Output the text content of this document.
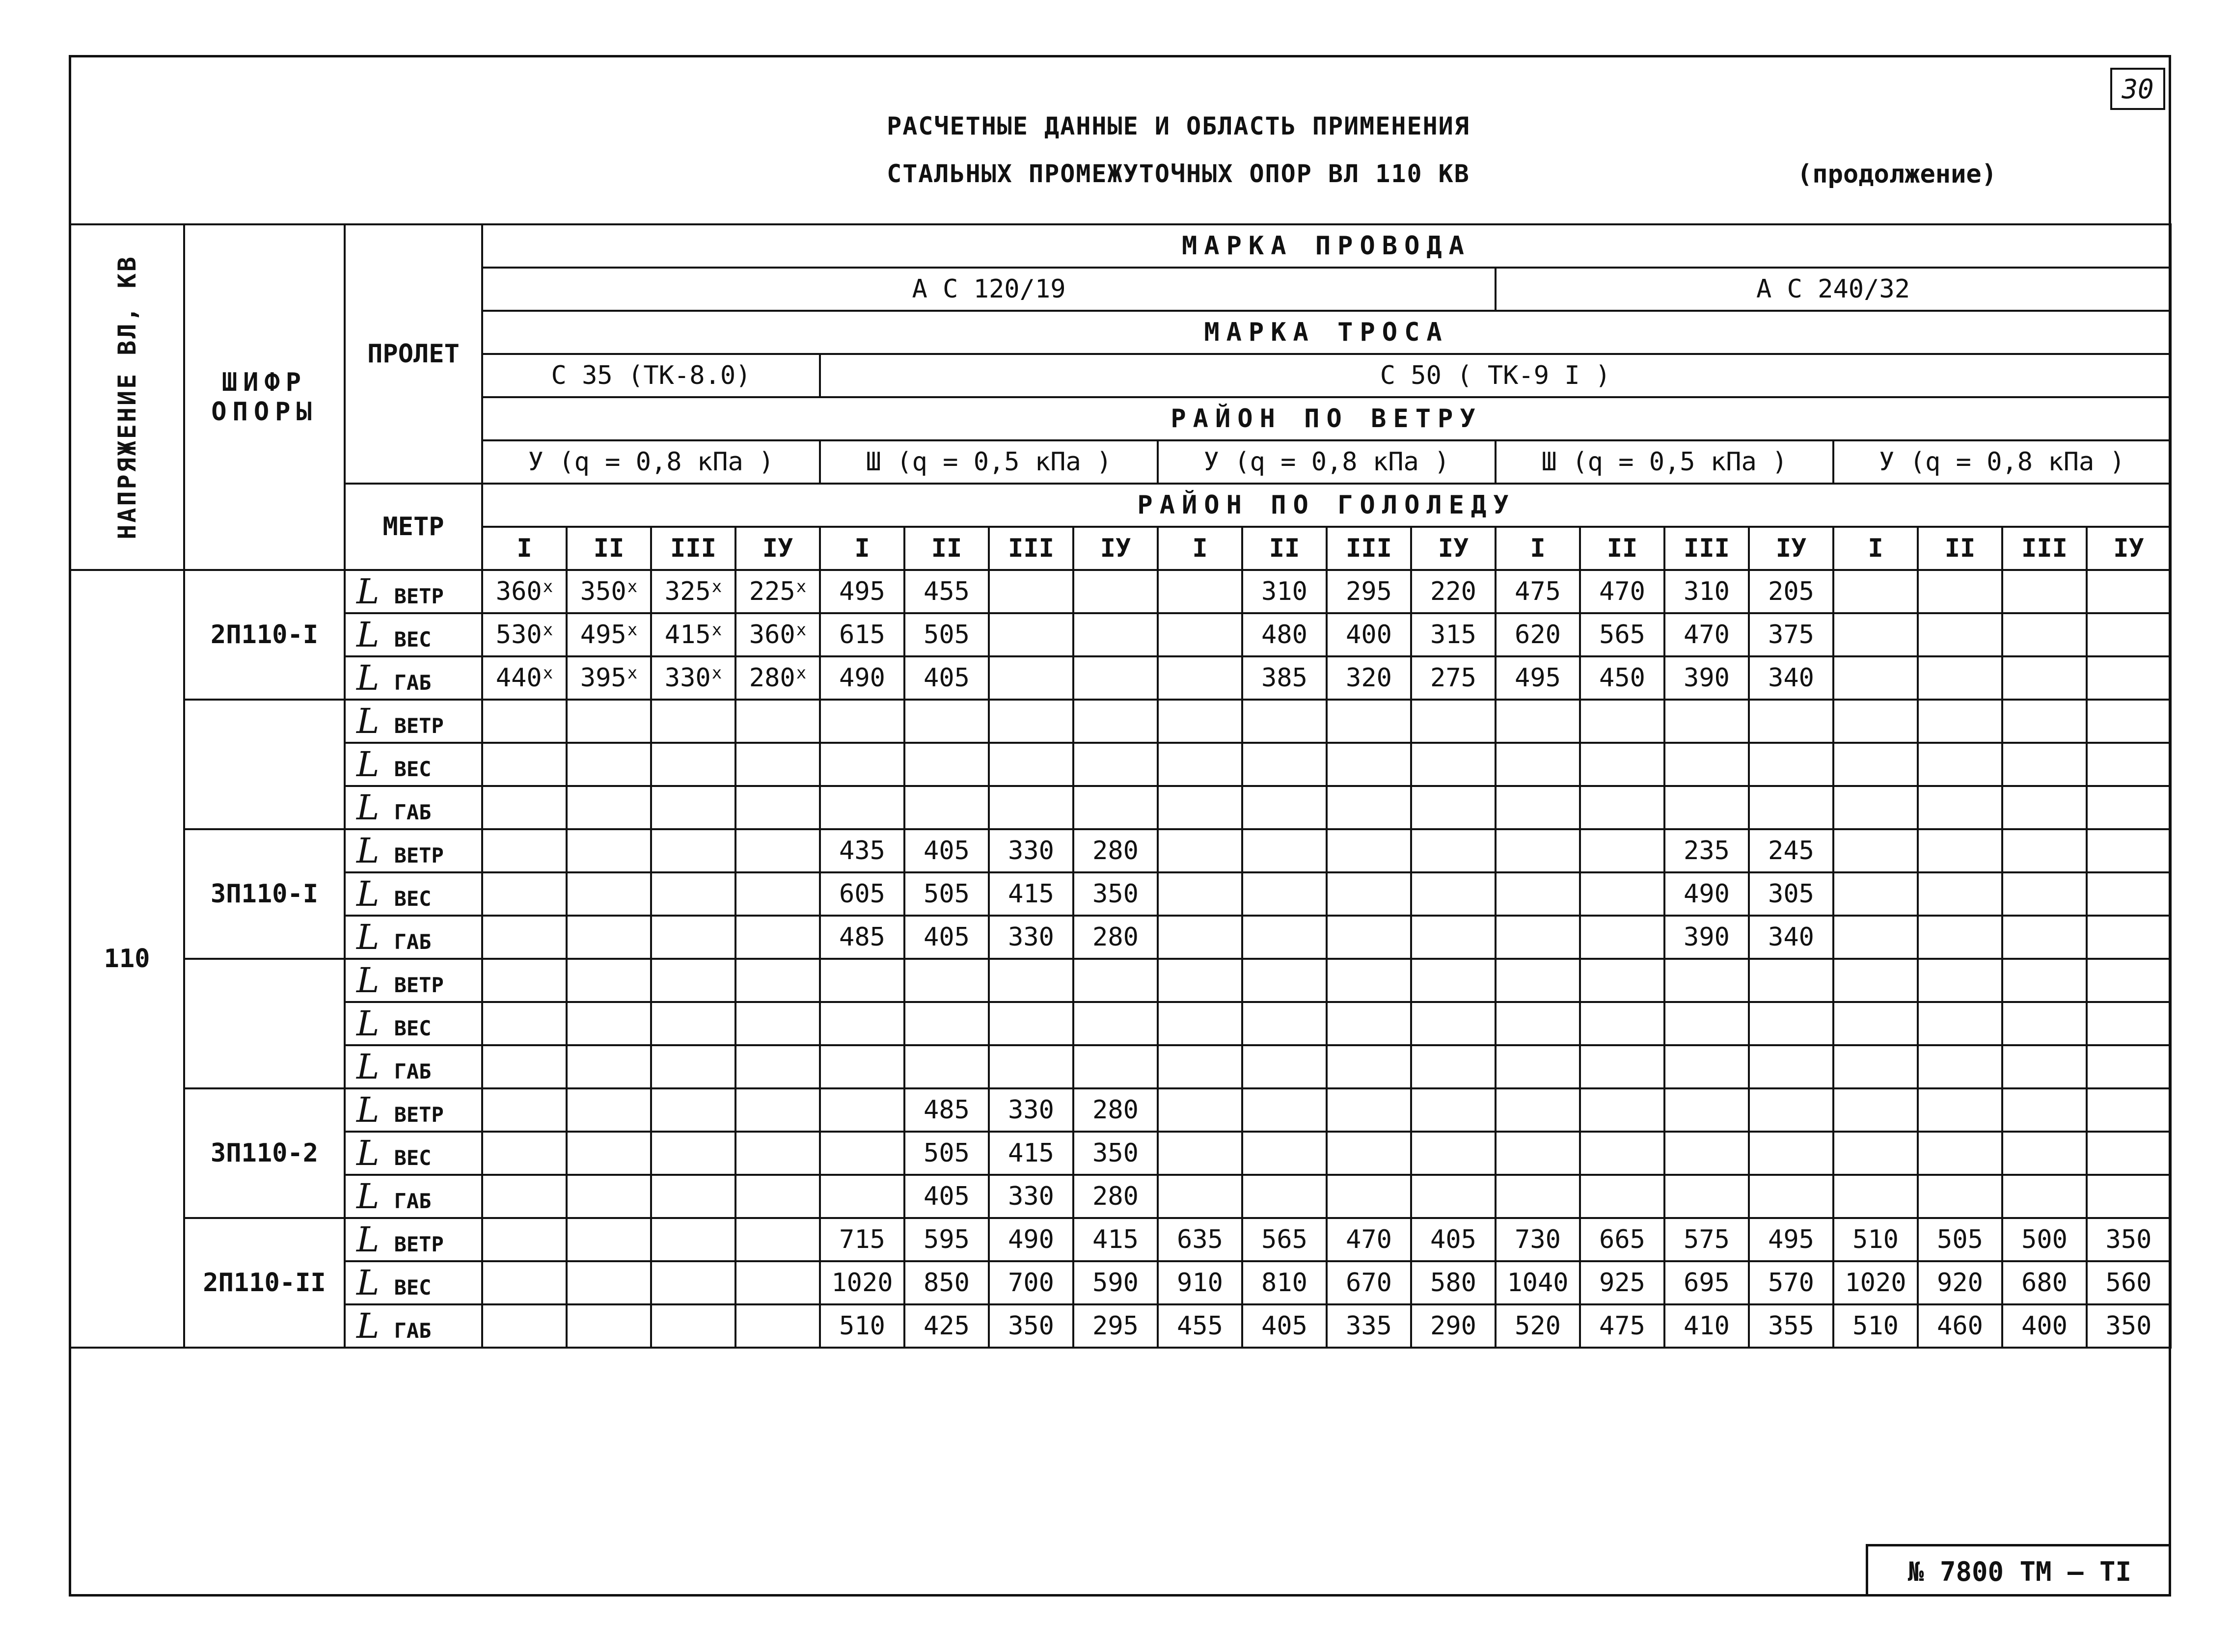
30
РАСЧЕТНЫЕ ДАННЫЕ И ОБЛАСТЬ ПРИМЕНЕНИЯ
СТАЛЬНЫХ ПРОМЕЖУТОЧНЫХ ОПОР ВЛ 110 КВ	(продолжение)
НАПРЯЖЕНИЕ ВЛ, КВ	ШИФР ОПОРЫ	ПРОЛЕТ	МАРКА ПРОВОДА																			
			А С 120/19												А С 240/32							
			МАРКА ТРОСА																			
			С 35 (ТК-8.0)				С 50 ( ТК-9 I )															
			РАЙОН ПО ВЕТРУ																			
			У (q = 0,8 кПа )				Ш (q = 0,5 кПа )				У (q = 0,8 кПа )				Ш (q = 0,5 кПа )				У (q = 0,8 кПа )			
		МЕТР	РАЙОН ПО ГОЛОЛЕДУ																			
			I	II	III	IУ	I	II	III	IУ	I	II	III	IУ	I	II	III	IУ	I	II	III	IУ
110	2П110-I	L ВЕТР	360$^x$	350$^x$	325$^x$	225$^x$	495	455				310	295	220	475	470	310	205				
		L ВЕС	530$^x$	495$^x$	415$^x$	360$^x$	615	505				480	400	315	620	565	470	375				
		L ГАБ	440$^x$	395$^x$	330$^x$	280$^x$	490	405				385	320	275	495	450	390	340				
		L ВЕТР																				
		L ВЕС																				
		L ГАБ																				
	3П110-I	L ВЕТР					435	405	330	280							235	245				
		L ВЕС					605	505	415	350							490	305				
		L ГАБ					485	405	330	280							390	340				
		L ВЕТР																				
		L ВЕС																				
		L ГАБ																				
	3П110-2	L ВЕТР						485	330	280												
		L ВЕС						505	415	350												
		L ГАБ						405	330	280												
	2П110-II	L ВЕТР					715	595	490	415	635	565	470	405	730	665	575	495	510	505	500	350
		L ВЕС					1020	850	700	590	910	810	670	580	1040	925	695	570	1020	920	680	560
		L ГАБ					510	425	350	295	455	405	335	290	520	475	410	355	510	460	400	350
№ 7800 ТМ – ТI
